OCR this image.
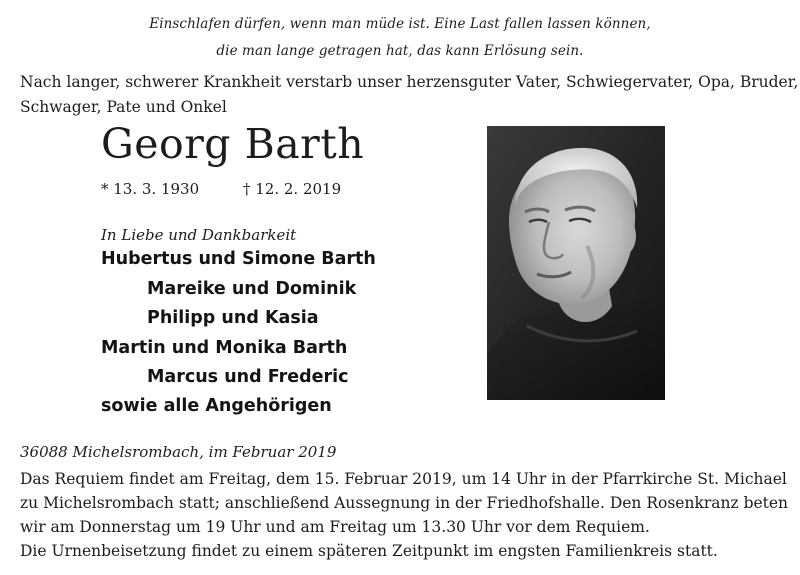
Einschlafen dürfen, wenn man müde ist. Eine Last fallen lassen können,
die man lange getragen hat, das kann Erlösung sein.
Nach langer, schwerer Krankheit verstarb unser herzensguter Vater, Schwiegervater, Opa, Bruder,
Schwager, Pate und Onkel
Georg Barth
* 13. 3. 1930	† 12. 2. 2019
In Liebe und Dankbarkeit
Hubertus und Simone Barth
Mareike und Dominik
Philipp und Kasia
Martin und Monika Barth
Marcus und Frederic
sowie alle Angehörigen
36088 Michelsrombach, im Februar 2019
Das Requiem findet am Freitag, dem 15. Februar 2019, um 14 Uhr in der Pfarrkirche St. Michael
zu Michelsrombach statt; anschließend Aussegnung in der Friedhofshalle. Den Rosenkranz beten
wir am Donnerstag um 19 Uhr und am Freitag um 13.30 Uhr vor dem Requiem.
Die Urnenbeisetzung findet zu einem späteren Zeitpunkt im engsten Familienkreis statt.
